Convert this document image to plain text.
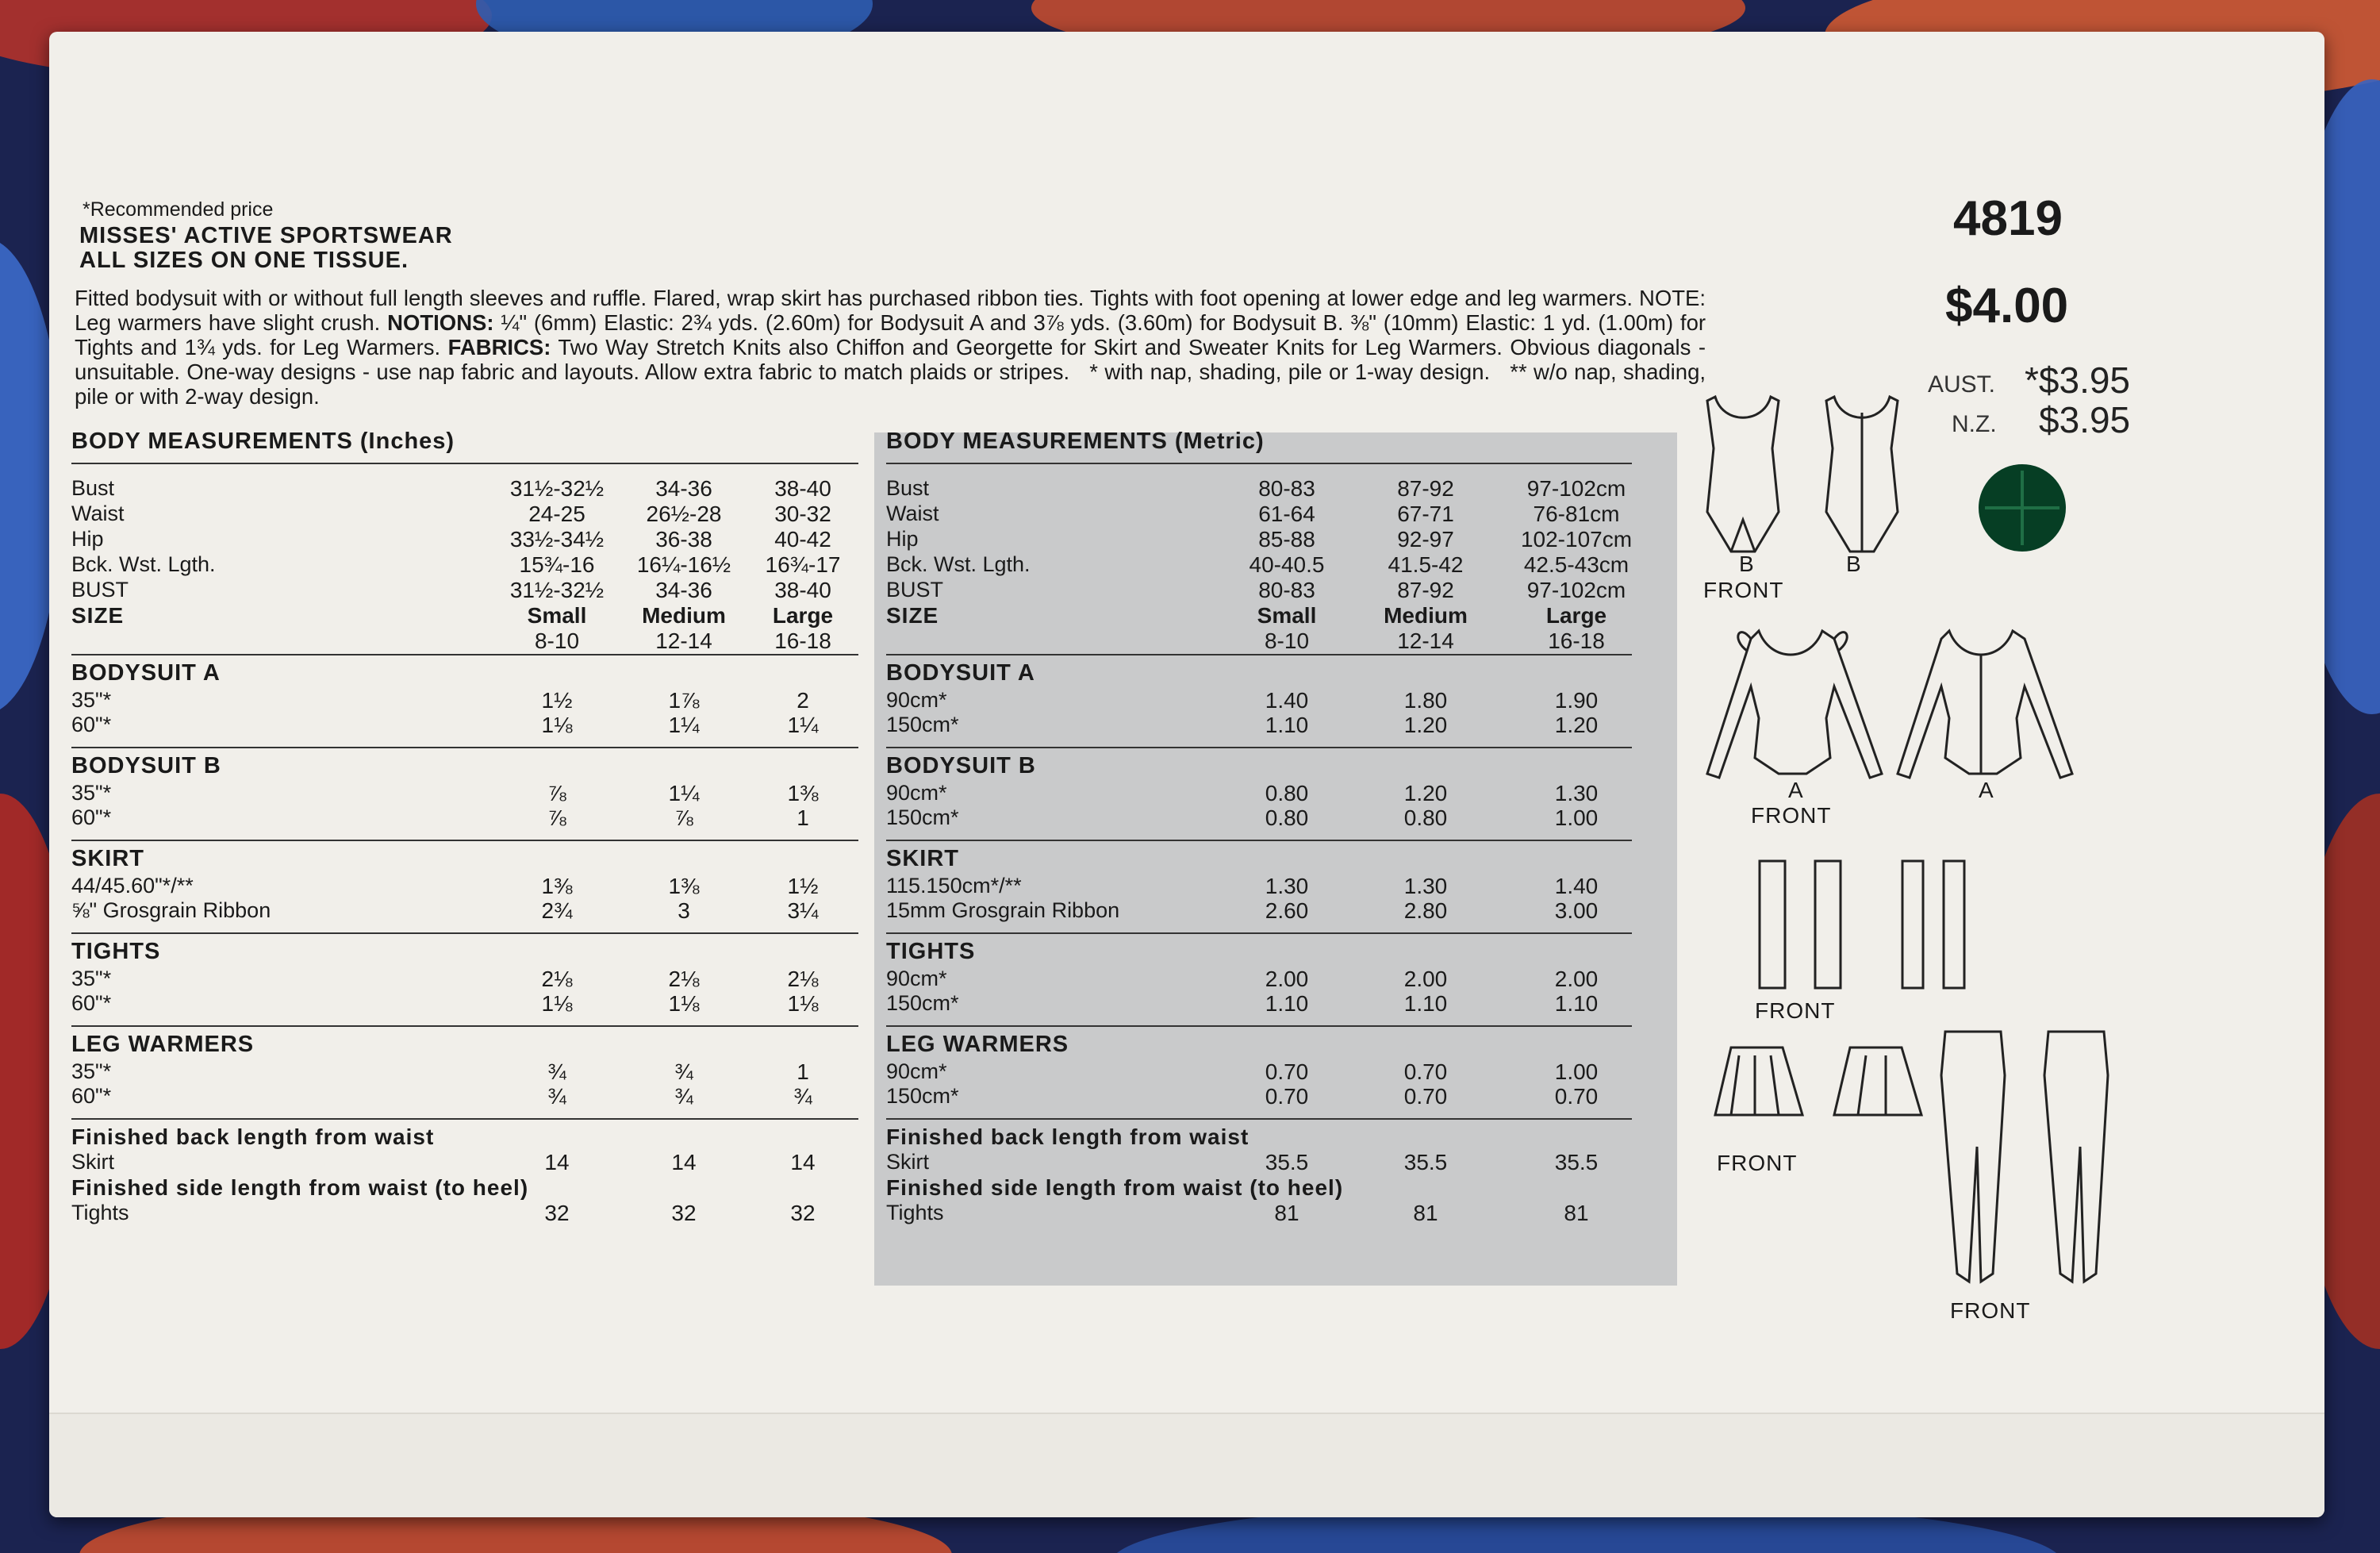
*Recommended price
MISSES' ACTIVE SPORTSWEAR
ALL SIZES ON ONE TISSUE.
Fitted bodysuit with or without full length sleeves and ruffle. Flared, wrap skirt has purchased ribbon ties. Tights with foot opening at lower edge and leg warmers. NOTE: Leg warmers have slight crush. NOTIONS: ¼" (6mm) Elastic: 2¾ yds. (2.60m) for Bodysuit A and 3⅞ yds. (3.60m) for Bodysuit B. ⅜" (10mm) Elastic: 1 yd. (1.00m) for Tights and 1¾ yds. for Leg Warmers. FABRICS: Two Way Stretch Knits also Chiffon and Georgette for Skirt and Sweater Knits for Leg Warmers. Obvious diagonals - unsuitable. One-way designs - use nap fabric and layouts. Allow extra fabric to match plaids or stripes. * with nap, shading, pile or 1-way design. ** w/o nap, shading, pile or with 2-way design.
4819
$4.00
AUST. *$3.95
N.Z. $3.95
BODY MEASUREMENTS (Inches)
Bust	31½-32½	34-36	38-40
Waist	24-25	26½-28	30-32
Hip	33½-34½	36-38	40-42
Bck. Wst. Lgth.	15¾-16	16¼-16½	16¾-17
BUST	31½-32½	34-36	38-40
SIZE	Small	Medium	Large
8-10	12-14	16-18
BODYSUIT A
35"*	1½	1⅞	2
60"*	1⅛	1¼	1¼
BODYSUIT B
35"*	⅞	1¼	1⅜
60"*	⅞	⅞	1
SKIRT
44/45.60"*/**	1⅜	1⅜	1½
⅝" Grosgrain Ribbon	2¾	3	3¼
TIGHTS
35"*	2⅛	2⅛	2⅛
60"*	1⅛	1⅛	1⅛
LEG WARMERS
35"*	¾	¾	1
60"*	¾	¾	¾
Finished back length from waist
Skirt	14	14	14
Finished side length from waist (to heel)
Tights	32	32	32
BODY MEASUREMENTS (Metric)
Bust	80-83	87-92	97-102cm
Waist	61-64	67-71	76-81cm
Hip	85-88	92-97	102-107cm
Bck. Wst. Lgth.	40-40.5	41.5-42	42.5-43cm
BUST	80-83	87-92	97-102cm
SIZE	Small	Medium	Large
8-10	12-14	16-18
BODYSUIT A
90cm*	1.40	1.80	1.90
150cm*	1.10	1.20	1.20
BODYSUIT B
90cm*	0.80	1.20	1.30
150cm*	0.80	0.80	1.00
SKIRT
115.150cm*/**	1.30	1.30	1.40
15mm Grosgrain Ribbon	2.60	2.80	3.00
TIGHTS
90cm*	2.00	2.00	2.00
150cm*	1.10	1.10	1.10
LEG WARMERS
90cm*	0.70	0.70	1.00
150cm*	0.70	0.70	0.70
Finished back length from waist
Skirt	35.5	35.5	35.5
Finished side length from waist (to heel)
Tights	81	81	81
B
FRONT
B
A
FRONT
A
FRONT
FRONT
FRONT
